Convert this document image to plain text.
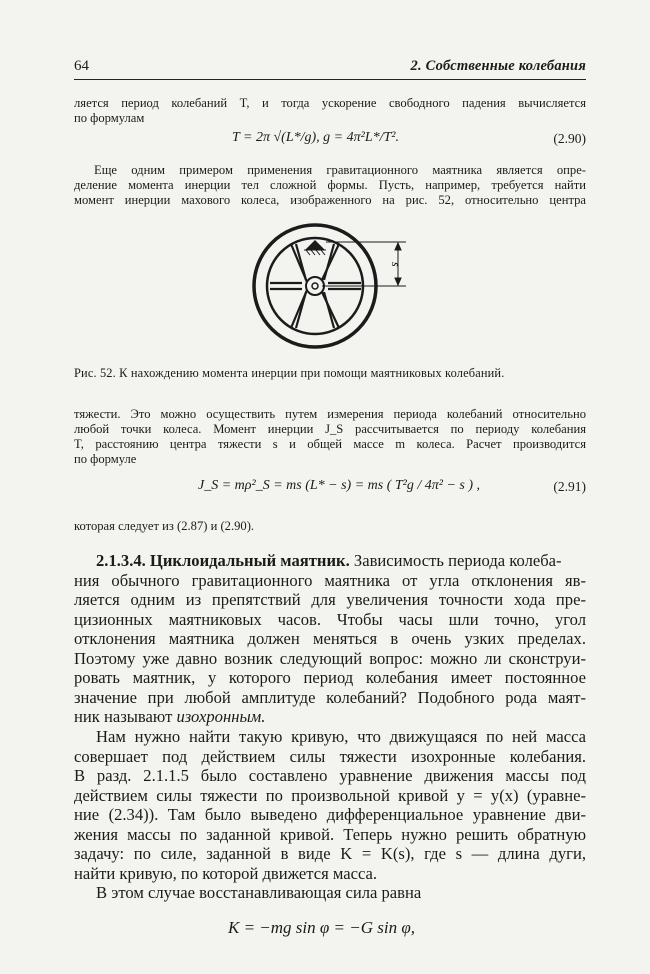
64	2. Собственные колебания
ляется период колебаний T, и тогда ускорение свободного падения вычисляется
по формулам
T = 2π √(L*/g), g = 4π²L*/T².	(2.90)
Еще одним примером применения гравитационного маятника является опре-
деление момента инерции тел сложной формы. Пусть, например, требуется найти
момент инерции махового колеса, изображенного на рис. 52, относительно центра
s
Рис. 52. К нахождению момента инерции при помощи маятниковых колебаний.
тяжести. Это можно осуществить путем измерения периода колебаний относительно
любой точки колеса. Момент инерции J_S рассчитывается по периоду колебания
T, расстоянию центра тяжести s и общей массе m колеса. Расчет производится
по формуле
J_S = mρ²_S = ms (L* − s) = ms ( T²g / 4π² − s ) ,	(2.91)
которая следует из (2.87) и (2.90).
2.1.3.4. Циклоидальный маятник. Зависимость периода колеба-
ния обычного гравитационного маятника от угла отклонения яв-
ляется одним из препятствий для увеличения точности хода пре-
цизионных маятниковых часов. Чтобы часы шли точно, угол
отклонения маятника должен меняться в очень узких пределах.
Поэтому уже давно возник следующий вопрос: можно ли сконструи-
ровать маятник, у которого период колебания имеет постоянное
значение при любой амплитуде колебаний? Подобного рода маят-
ник называют изохронным.
Нам нужно найти такую кривую, что движущаяся по ней масса
совершает под действием силы тяжести изохронные колебания.
В разд. 2.1.1.5 было составлено уравнение движения массы под
действием силы тяжести по произвольной кривой y = y(x) (уравне-
ние (2.34)). Там было выведено дифференциальное уравнение дви-
жения массы по заданной кривой. Теперь нужно решить обратную
задачу: по силе, заданной в виде K = K(s), где s — длина дуги,
найти кривую, по которой движется масса.
В этом случае восстанавливающая сила равна
K = −mg sin φ = −G sin φ,
